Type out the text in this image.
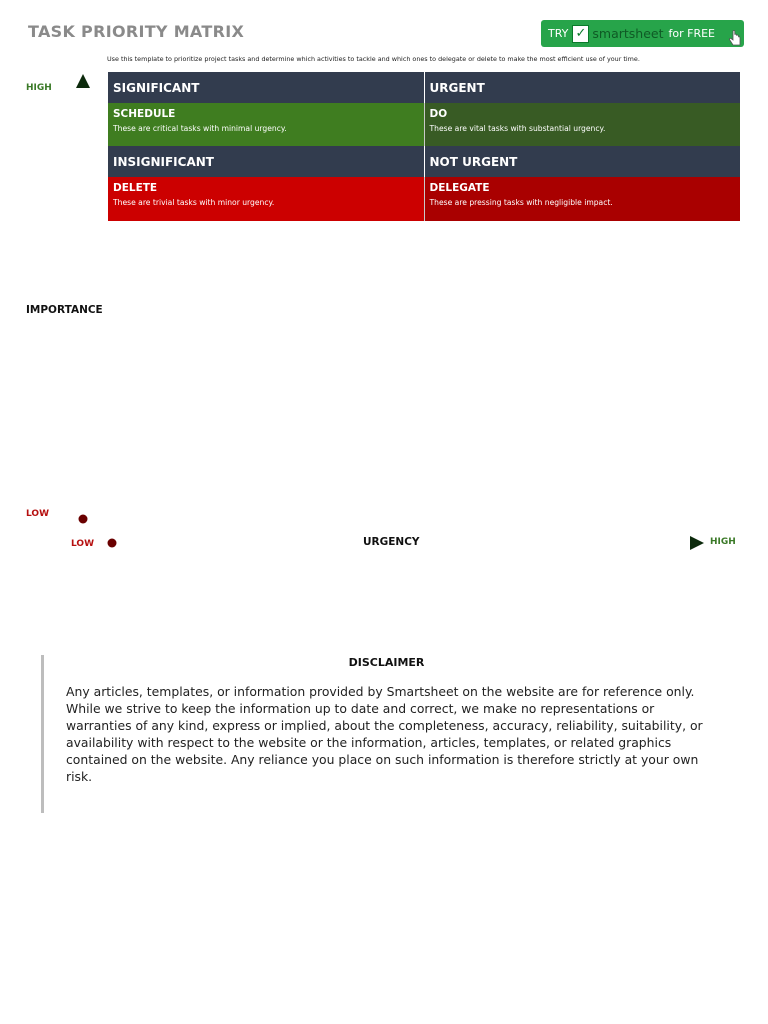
TASK PRIORITY MATRIX	TRY ✓ smartsheet for FREE
Use this template to prioritize project tasks and determine which activities to tackle and which ones to delegate or delete to make the most efficient use of your time.
HIGH
IMPORTANCE
LOW
LOW	URGENCY	HIGH
SIGNIFICANT	URGENT
SCHEDULE
These are critical tasks with minimal urgency.
DO
These are vital tasks with substantial urgency.
INSIGNIFICANT	NOT URGENT
DELETE
These are trivial tasks with minor urgency.
DELEGATE
These are pressing tasks with negligible impact.
DISCLAIMER
Any articles, templates, or information provided by Smartsheet on the website are for reference only. While we strive to keep the information up to date and correct, we make no representations or warranties of any kind, express or implied, about the completeness, accuracy, reliability, suitability, or availability with respect to the website or the information, articles, templates, or related graphics contained on the website. Any reliance you place on such information is therefore strictly at your own risk.
